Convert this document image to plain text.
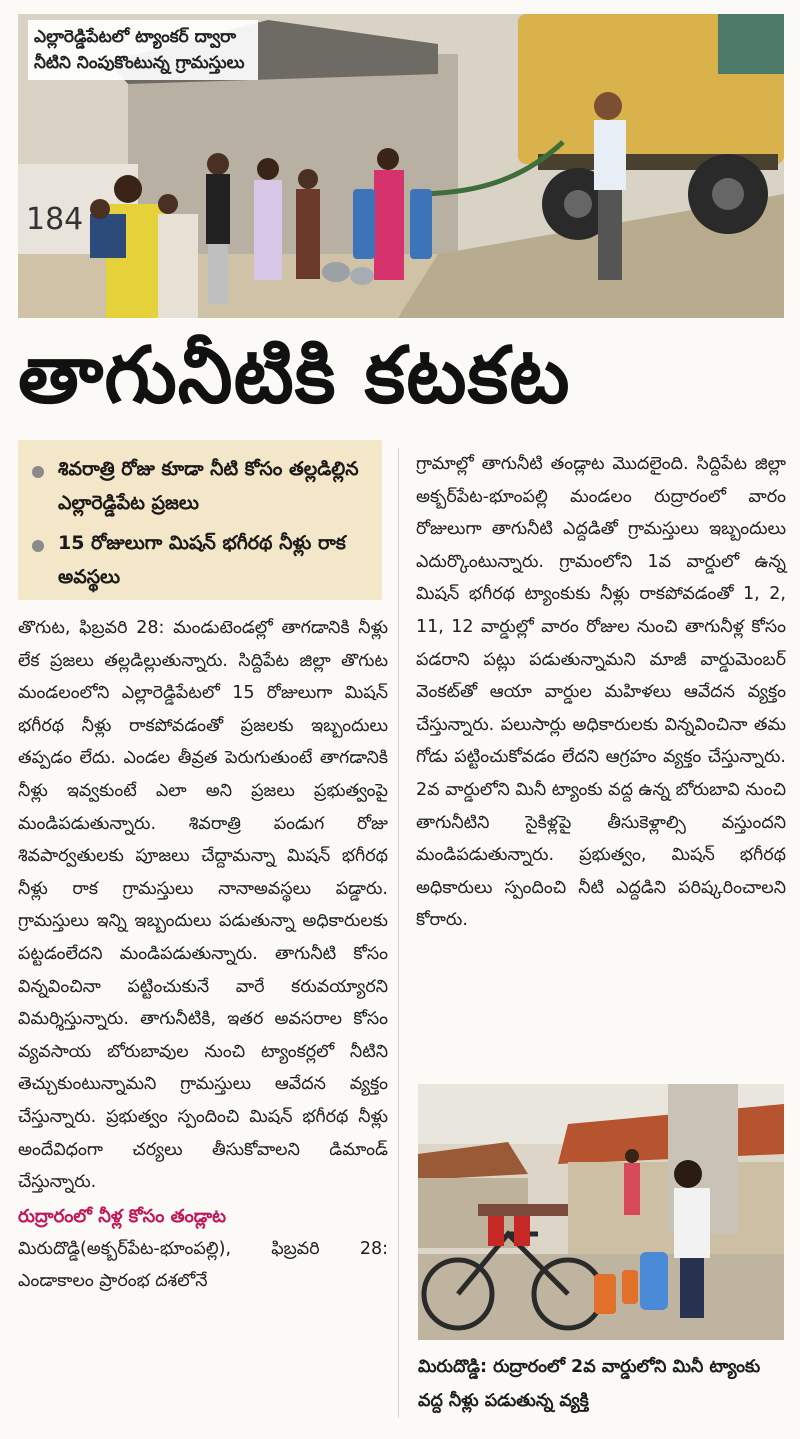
184
ఎల్లారెడ్డిపేటలో ట్యాంకర్ ద్వారా నీటిని నింపుకొంటున్న గ్రామస్తులు
తాగునీటికి కటకట
శివరాత్రి రోజు కూడా నీటి కోసం తల్లడిల్లిన ఎల్లారెడ్డిపేట ప్రజలు
15 రోజులుగా మిషన్ భగీరథ నీళ్లు రాక అవస్థలు

తొగుట, ఫిబ్రవరి 28: మండుటెండల్లో తాగడానికి నీళ్లు లేక ప్రజలు తల్లడిల్లుతున్నారు. సిద్దిపేట జిల్లా తొగుట మండలంలోని ఎల్లారెడ్డిపేటలో 15 రోజులుగా మిషన్ భగీరథ నీళ్లు రాకపోవడంతో ప్రజలకు ఇబ్బందులు తప్పడం లేదు. ఎండల తీవ్రత పెరుగుతుంటే తాగడానికి నీళ్లు ఇవ్వకుంటే ఎలా అని ప్రజలు ప్రభుత్వంపై మండిపడుతున్నారు. శివరాత్రి పండుగ రోజు శివపార్వతులకు పూజలు చేద్దామన్నా మిషన్ భగీరథ నీళ్లు రాక గ్రామస్తులు నానాఅవస్థలు పడ్డారు. గ్రామస్తులు ఇన్ని ఇబ్బందులు పడుతున్నా అధికారులకు పట్టడంలేదని మండిపడుతున్నారు. తాగునీటి కోసం విన్నవించినా పట్టించుకునే వారే కరువయ్యారని విమర్శిస్తున్నారు. తాగునీటికి, ఇతర అవసరాల కోసం వ్యవసాయ బోరుబావుల నుంచి ట్యాంకర్లలో నీటిని తెచ్చుకుంటున్నామని గ్రామస్తులు ఆవేదన వ్యక్తం చేస్తున్నారు. ప్రభుత్వం స్పందించి మిషన్ భగీరథ నీళ్లు అందేవిధంగా చర్యలు తీసుకోవాలని డిమాండ్ చేస్తున్నారు.

రుద్రారంలో నీళ్ల కోసం తండ్లాట

మిరుదొడ్డి(అక్బర్‌పేట-భూంపల్లి), ఫిబ్రవరి 28: ఎండాకాలం ప్రారంభ దశలోనే

గ్రామాల్లో తాగునీటి తండ్లాట మొదలైంది. సిద్దిపేట జిల్లా అక్బర్‌పేట-భూంపల్లి మండలం రుద్రారంలో వారం రోజులుగా తాగునీటి ఎద్దడితో గ్రామస్తులు ఇబ్బందులు ఎదుర్కొంటున్నారు. గ్రామంలోని 1వ వార్డులో ఉన్న మిషన్ భగీరథ ట్యాంకుకు నీళ్లు రాకపోవడంతో 1, 2, 11, 12 వార్డుల్లో వారం రోజుల నుంచి తాగునీళ్ల కోసం పడరాని పట్లు పడుతున్నామని మాజీ వార్డుమెంబర్ వెంకట్‌తో ఆయా వార్డుల మహిళలు ఆవేదన వ్యక్తం చేస్తున్నారు. పలుసార్లు అధికారులకు విన్నవించినా తమ గోడు పట్టించుకోవడం లేదని ఆగ్రహం వ్యక్తం చేస్తున్నారు. 2వ వార్డులోని మినీ ట్యాంకు వద్ద ఉన్న బోరుబావి నుంచి తాగునీటిని సైకిళ్లపై తీసుకెళ్లాల్సి వస్తుందని మండిపడుతున్నారు. ప్రభుత్వం, మిషన్ భగీరథ అధికారులు స్పందించి నీటి ఎద్దడిని పరిష్కరించాలని కోరారు.

మిరుదొడ్డి: రుద్రారంలో 2వ వార్డులోని మినీ ట్యాంకు వద్ద నీళ్లు పడుతున్న వ్యక్తి
